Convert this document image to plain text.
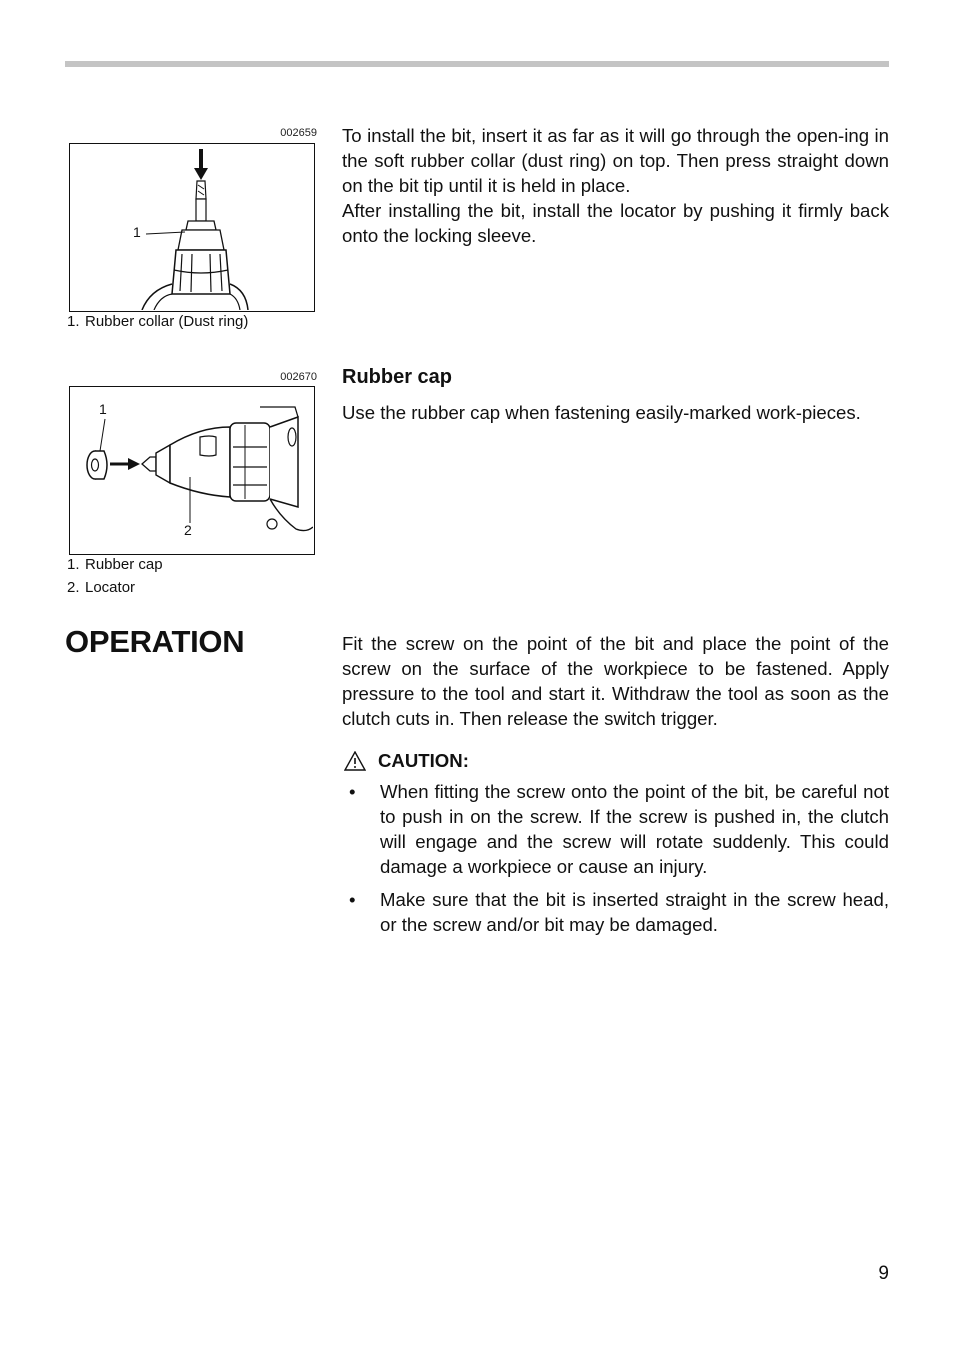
002659
1
1. Rubber collar (Dust ring)

To install the bit, insert it as far as it will go through the open-ing in the soft rubber collar (dust ring) on top. Then press straight down on the bit tip until it is held in place.

After installing the bit, install the locator by pushing it firmly back onto the locking sleeve.

002670
1
2
1. Rubber cap
2. Locator
Rubber cap

Use the rubber cap when fastening easily-marked work-pieces.

OPERATION	Fit the screw on the point of the bit and place the point of the screw on the surface of the workpiece to be fastened. Apply pressure to the tool and start it. Withdraw the tool as soon as the clutch cuts in. Then release the switch trigger.

CAUTION:
• When fitting the screw onto the point of the bit, be careful not to push in on the screw. If the screw is pushed in, the clutch will engage and the screw will rotate suddenly. This could damage a workpiece or cause an injury.
• Make sure that the bit is inserted straight in the screw head, or the screw and/or bit may be damaged.
9
